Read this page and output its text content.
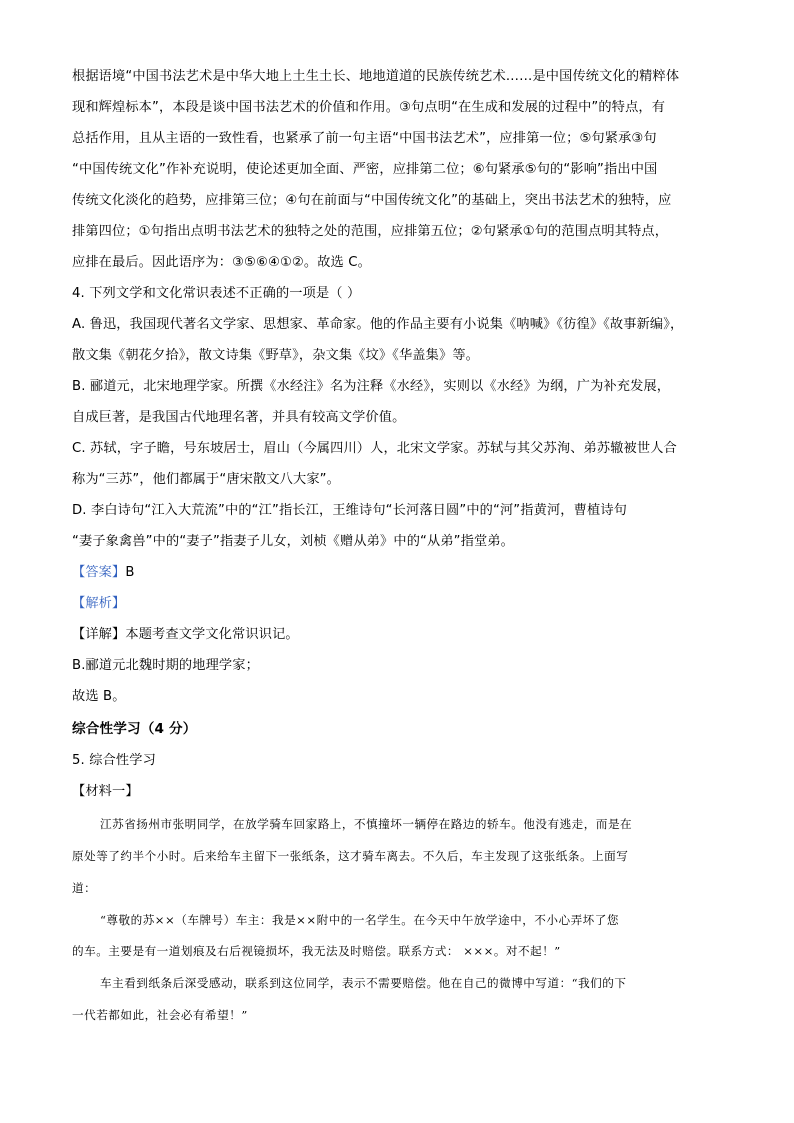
根据语境“中国书法艺术是中华大地上土生土长、地地道道的民族传统艺术……是中国传统文化的精粹体
现和辉煌标本”，本段是谈中国书法艺术的价值和作用。③句点明“在生成和发展的过程中”的特点，有
总括作用，且从主语的一致性看，也紧承了前一句主语“中国书法艺术”，应排第一位；⑤句紧承③句
“中国传统文化”作补充说明，使论述更加全面、严密，应排第二位；⑥句紧承⑤句的“影响”指出中国
传统文化淡化的趋势，应排第三位；④句在前面与“中国传统文化”的基础上，突出书法艺术的独特，应
排第四位；①句指出点明书法艺术的独特之处的范围，应排第五位；②句紧承①句的范围点明其特点，
应排在最后。因此语序为：③⑤⑥④①②。故选 C。
4. 下列文学和文化常识表述不正确的一项是（ ）
A. 鲁迅，我国现代著名文学家、思想家、革命家。他的作品主要有小说集《呐喊》《彷徨》《故事新编》，
散文集《朝花夕拾》，散文诗集《野草》，杂文集《坟》《华盖集》等。
B. 郦道元，北宋地理学家。所撰《水经注》名为注释《水经》，实则以《水经》为纲，广为补充发展，
自成巨著，是我国古代地理名著，并具有较高文学价值。
C. 苏轼，字子瞻，号东坡居士，眉山（今属四川）人，北宋文学家。苏轼与其父苏洵、弟苏辙被世人合
称为“三苏”，他们都属于“唐宋散文八大家”。
D. 李白诗句“江入大荒流”中的“江”指长江，王维诗句“长河落日圆”中的“河”指黄河，曹植诗句
“妻子象禽兽”中的“妻子”指妻子儿女，刘桢《赠从弟》中的“从弟”指堂弟。
【答案】B
【解析】
【详解】本题考查文学文化常识识记。
B.郦道元北魏时期的地理学家；
故选 B。
综合性学习（4 分）
5. 综合性学习
【材料一】
江苏省扬州市张明同学，在放学骑车回家路上，不慎撞坏一辆停在路边的轿车。他没有逃走，而是在
原处等了约半个小时。后来给车主留下一张纸条，这才骑车离去。不久后，车主发现了这张纸条。上面写
道：
“尊敬的苏××（车牌号）车主：我是××附中的一名学生。在今天中午放学途中，不小心弄坏了您
的车。主要是有一道划痕及右后视镜损坏，我无法及时赔偿。联系方式： ×××。对不起！”
车主看到纸条后深受感动，联系到这位同学，表示不需要赔偿。他在自己的微博中写道：“我们的下
一代若都如此，社会必有希望！”
